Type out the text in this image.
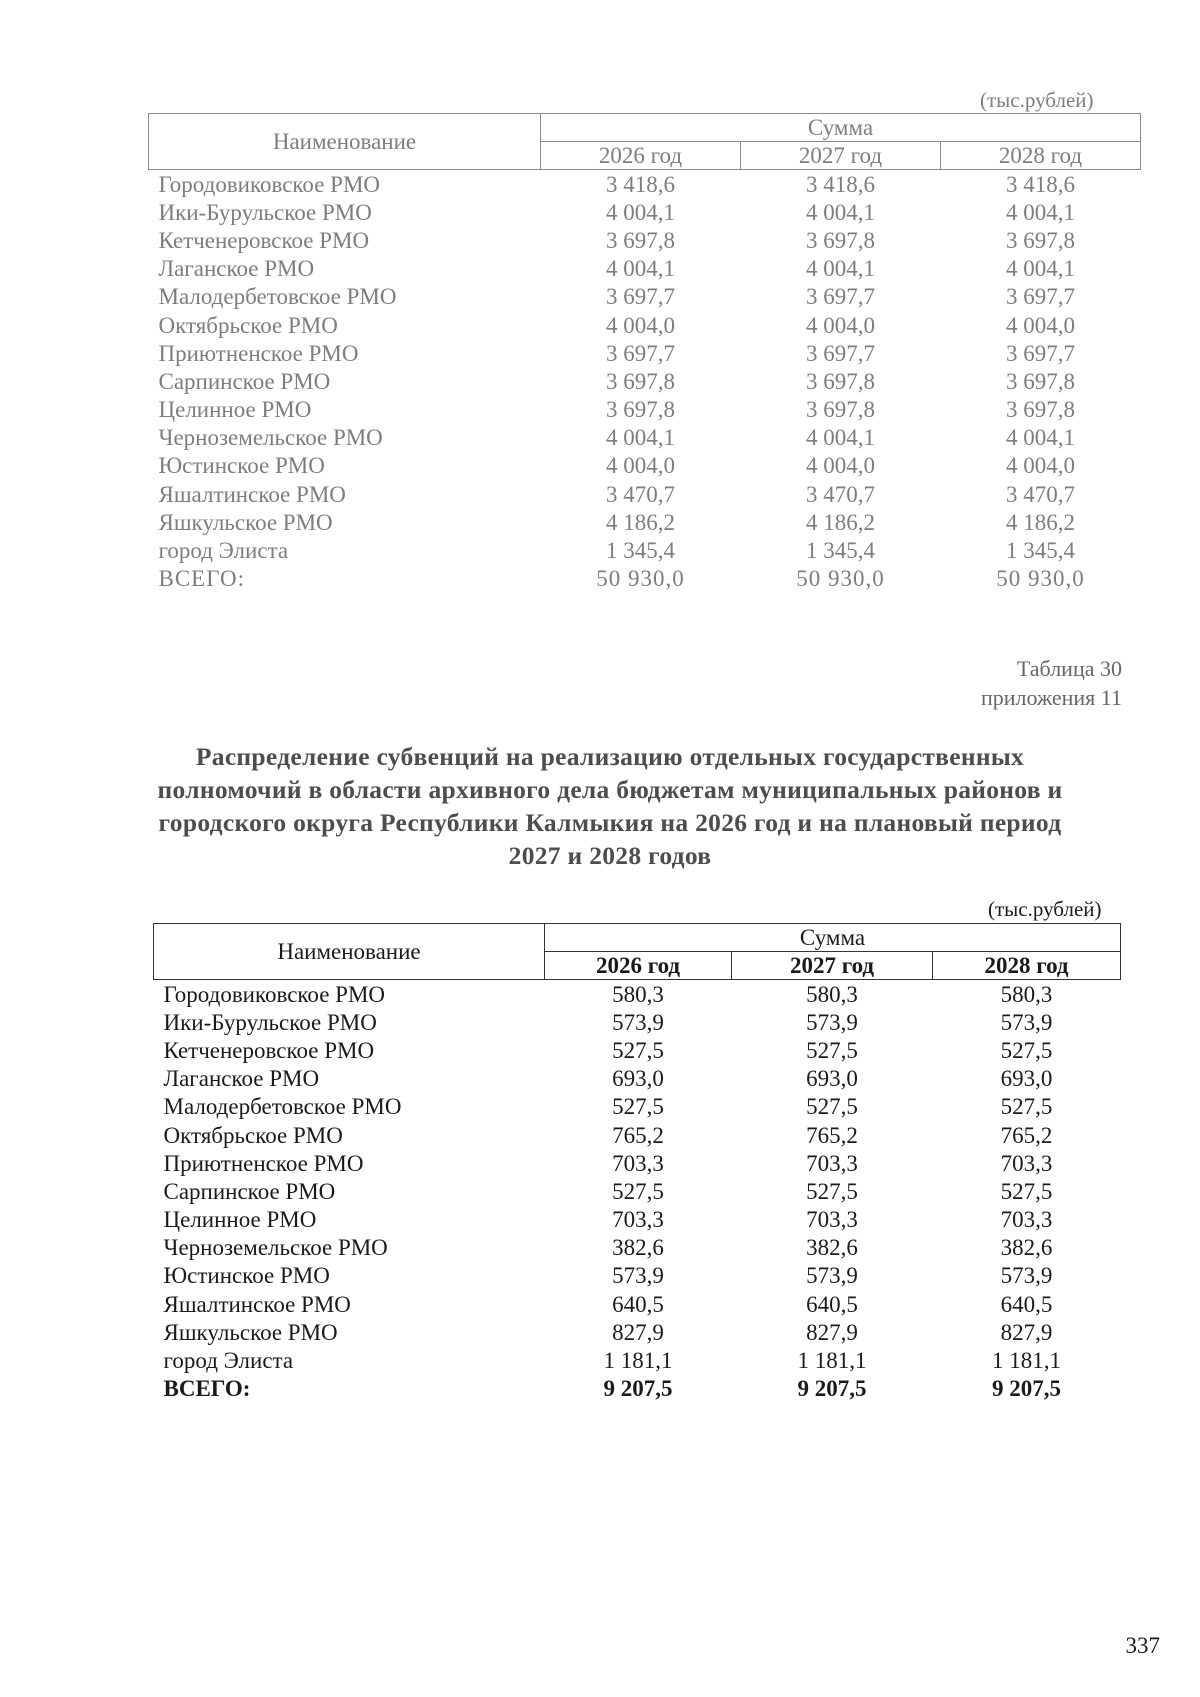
(тыс.рублей)
Наименование	Сумма		
	2026 год	2027 год	2028 год
Городовиковское РМО	3 418,6	3 418,6	3 418,6
Ики-Бурульское РМО	4 004,1	4 004,1	4 004,1
Кетченеровское РМО	3 697,8	3 697,8	3 697,8
Лаганское РМО	4 004,1	4 004,1	4 004,1
Малодербетовское РМО	3 697,7	3 697,7	3 697,7
Октябрьское РМО	4 004,0	4 004,0	4 004,0
Приютненское РМО	3 697,7	3 697,7	3 697,7
Сарпинское РМО	3 697,8	3 697,8	3 697,8
Целинное РМО	3 697,8	3 697,8	3 697,8
Черноземельское РМО	4 004,1	4 004,1	4 004,1
Юстинское РМО	4 004,0	4 004,0	4 004,0
Яшалтинское РМО	3 470,7	3 470,7	3 470,7
Яшкульское РМО	4 186,2	4 186,2	4 186,2
город Элиста	1 345,4	1 345,4	1 345,4
ВСЕГО:	50 930,0	50 930,0	50 930,0
Таблица 30
приложения 11
Распределение субвенций на реализацию отдельных государственных полномочий в области архивного дела бюджетам муниципальных районов и городского округа Республики Калмыкия на 2026 год и на плановый период 2027 и 2028 годов
(тыс.рублей)
Наименование	Сумма		
	2026 год	2027 год	2028 год
Городовиковское РМО	580,3	580,3	580,3
Ики-Бурульское РМО	573,9	573,9	573,9
Кетченеровское РМО	527,5	527,5	527,5
Лаганское РМО	693,0	693,0	693,0
Малодербетовское РМО	527,5	527,5	527,5
Октябрьское РМО	765,2	765,2	765,2
Приютненское РМО	703,3	703,3	703,3
Сарпинское РМО	527,5	527,5	527,5
Целинное РМО	703,3	703,3	703,3
Черноземельское РМО	382,6	382,6	382,6
Юстинское РМО	573,9	573,9	573,9
Яшалтинское РМО	640,5	640,5	640,5
Яшкульское РМО	827,9	827,9	827,9
город Элиста	1 181,1	1 181,1	1 181,1
ВСЕГО:	9 207,5	9 207,5	9 207,5
337
